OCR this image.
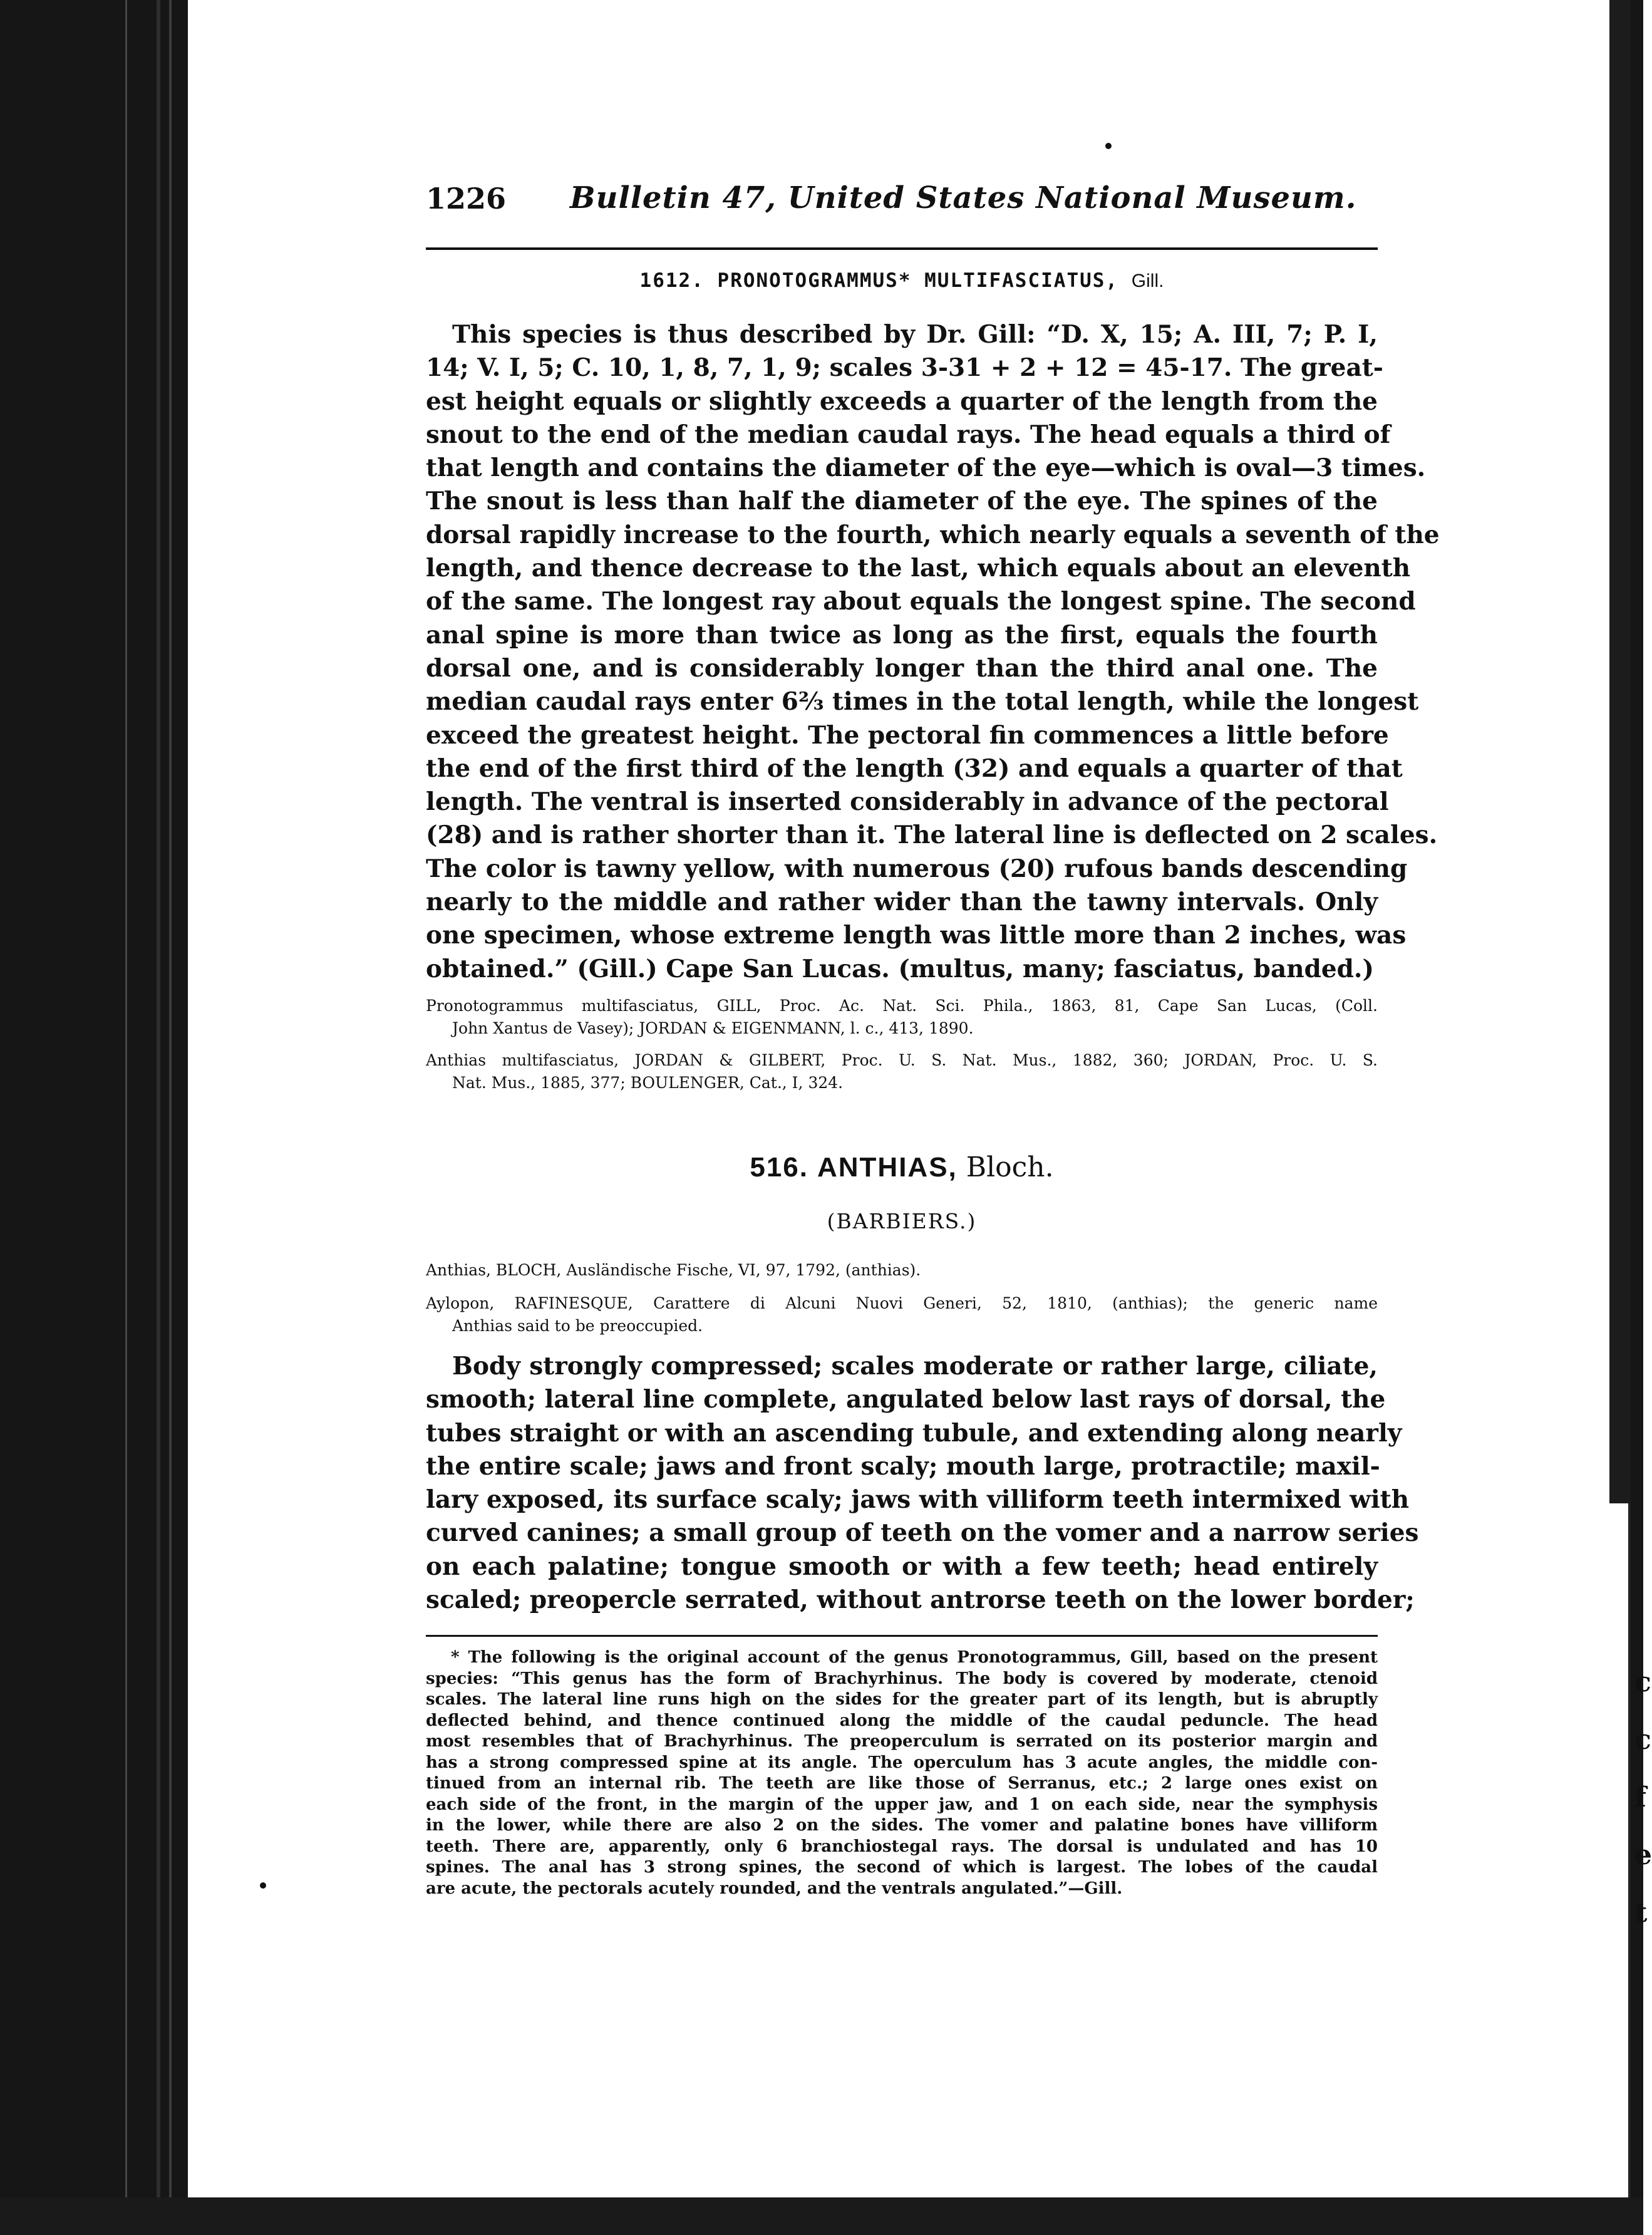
c
c
f
e
t
1226 Bulletin 47, United States National Museum.
1612. PRONOTOGRAMMUS* MULTIFASCIATUS, Gill.
This species is thus described by Dr. Gill: “D. X, 15; A. III, 7; P. I,
14; V. I, 5; C. 10, 1, 8, 7, 1, 9; scales 3-31 + 2 + 12 = 45-17. The great-
est height equals or slightly exceeds a quarter of the length from the
snout to the end of the median caudal rays. The head equals a third of
that length and contains the diameter of the eye—which is oval—3 times.
The snout is less than half the diameter of the eye. The spines of the
dorsal rapidly increase to the fourth, which nearly equals a seventh of the
length, and thence decrease to the last, which equals about an eleventh
of the same. The longest ray about equals the longest spine. The second
anal spine is more than twice as long as the first, equals the fourth
dorsal one, and is considerably longer than the third anal one. The
median caudal rays enter 6⅔ times in the total length, while the longest
exceed the greatest height. The pectoral fin commences a little before
the end of the first third of the length (32) and equals a quarter of that
length. The ventral is inserted considerably in advance of the pectoral
(28) and is rather shorter than it. The lateral line is deflected on 2 scales.
The color is tawny yellow, with numerous (20) rufous bands descending
nearly to the middle and rather wider than the tawny intervals. Only
one specimen, whose extreme length was little more than 2 inches, was
obtained.” (Gill.) Cape San Lucas. (multus, many; fasciatus, banded.)
Pronotogrammus multifasciatus, GILL, Proc. Ac. Nat. Sci. Phila., 1863, 81, Cape San Lucas, (Coll.
John Xantus de Vasey); JORDAN & EIGENMANN, l. c., 413, 1890.
Anthias multifasciatus, JORDAN & GILBERT, Proc. U. S. Nat. Mus., 1882, 360; JORDAN, Proc. U. S.
Nat. Mus., 1885, 377; BOULENGER, Cat., I, 324.
516. ANTHIAS, Bloch.
(BARBIERS.)
Anthias, BLOCH, Ausländische Fische, VI, 97, 1792, (anthias).
Aylopon, RAFINESQUE, Carattere di Alcuni Nuovi Generi, 52, 1810, (anthias); the generic name
Anthias said to be preoccupied.
Body strongly compressed; scales moderate or rather large, ciliate,
smooth; lateral line complete, angulated below last rays of dorsal, the
tubes straight or with an ascending tubule, and extending along nearly
the entire scale; jaws and front scaly; mouth large, protractile; maxil-
lary exposed, its surface scaly; jaws with villiform teeth intermixed with
curved canines; a small group of teeth on the vomer and a narrow series
on each palatine; tongue smooth or with a few teeth; head entirely
scaled; preopercle serrated, without antrorse teeth on the lower border;
* The following is the original account of the genus Pronotogrammus, Gill, based on the present
species: “This genus has the form of Brachyrhinus. The body is covered by moderate, ctenoid
scales. The lateral line runs high on the sides for the greater part of its length, but is abruptly
deflected behind, and thence continued along the middle of the caudal peduncle. The head
most resembles that of Brachyrhinus. The preoperculum is serrated on its posterior margin and
has a strong compressed spine at its angle. The operculum has 3 acute angles, the middle con-
tinued from an internal rib. The teeth are like those of Serranus, etc.; 2 large ones exist on
each side of the front, in the margin of the upper jaw, and 1 on each side, near the symphysis
in the lower, while there are also 2 on the sides. The vomer and palatine bones have villiform
teeth. There are, apparently, only 6 branchiostegal rays. The dorsal is undulated and has 10
spines. The anal has 3 strong spines, the second of which is largest. The lobes of the caudal
are acute, the pectorals acutely rounded, and the ventrals angulated.”—Gill.
